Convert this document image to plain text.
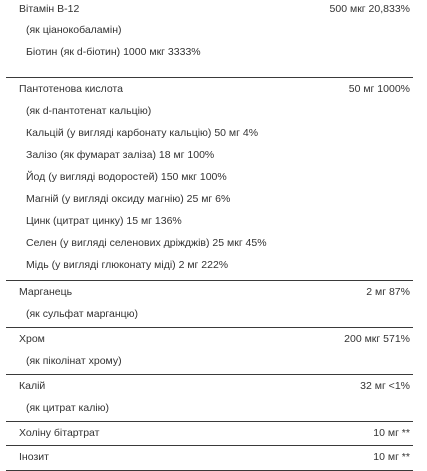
Вітамін В-12	500 мкг 20,833%
(як ціанокобаламін)
Біотин (як d-біотин) 1000 мкг 3333%
Пантотенова кислота	50 мг 1000%
(як d-пантотенат кальцію)
Кальцій (у вигляді карбонату кальцію) 50 мг 4%
Залізо (як фумарат заліза) 18 мг 100%
Йод (у вигляді водоростей) 150 мкг 100%
Магній (у вигляді оксиду магнію) 25 мг 6%
Цинк (цитрат цинку) 15 мг 136%
Селен (у вигляді селенових дріжджів) 25 мкг 45%
Мідь (у вигляді глюконату міді) 2 мг 222%
Марганець	2 мг 87%
(як сульфат марганцю)
Хром	200 мкг 571%
(як піколінат хрому)
Калій	32 мг <1%
(як цитрат калію)
Холіну бітартрат	10 мг **
Інозит	10 мг **
